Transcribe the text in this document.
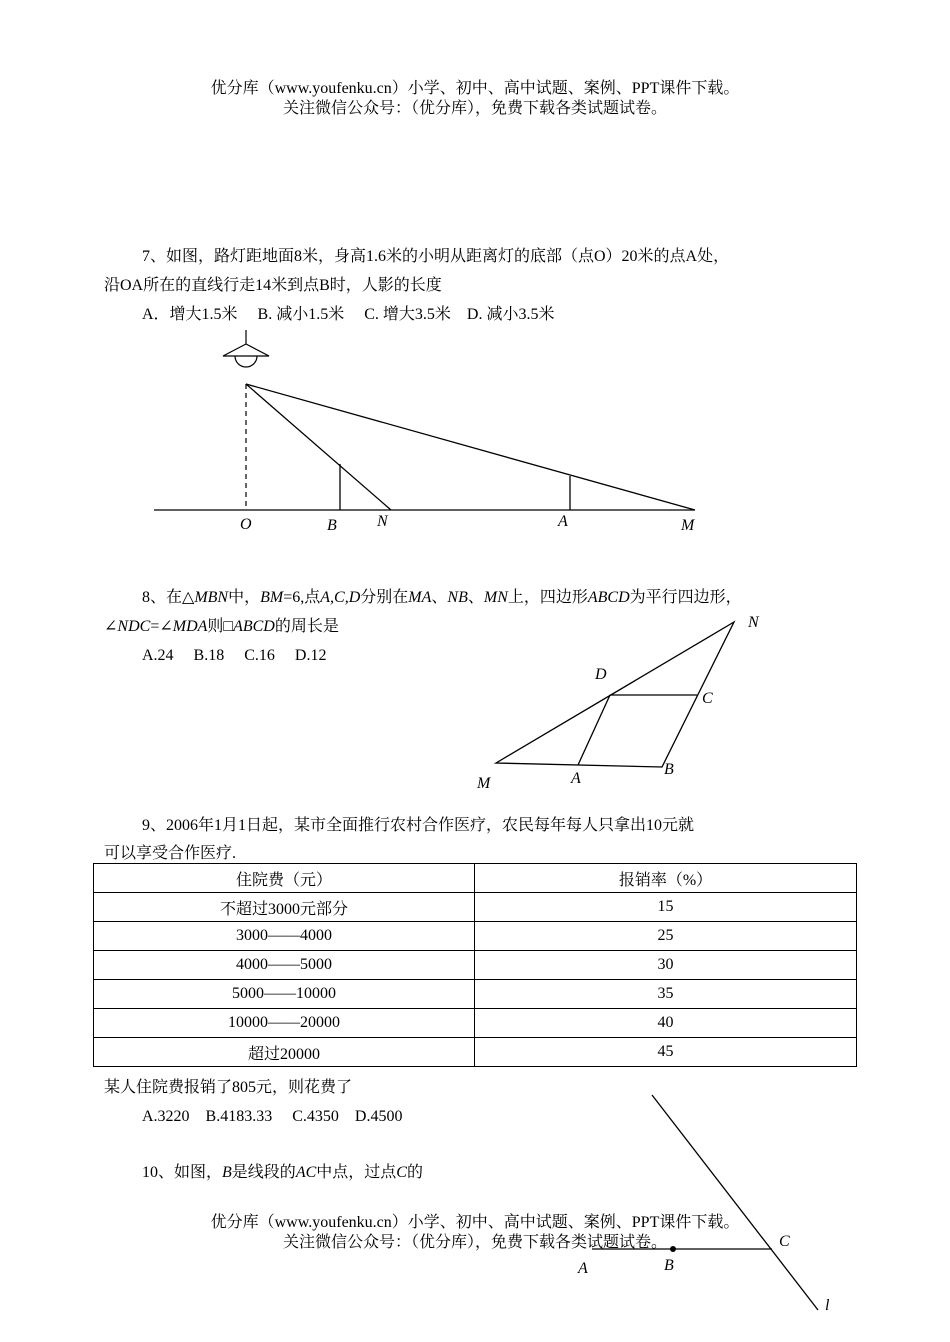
优分库（www.youfenku.cn）小学、初中、高中试题、案例、PPT课件下载。
关注微信公众号：（优分库），免费下载各类试题试卷。
7、如图，路灯距地面8米，身高1.6米的小明从距离灯的底部（点O）20米的点A处，
沿OA所在的直线行走14米到点B时，人影的长度
A．增大1.5米　 B. 减小1.5米　 C. 增大3.5米　D. 减小3.5米
O	B	N	A	M
N
D
C
M	A
B
C
A	B
l
8、在△MBN中，BM=6,点A,C,D分别在MA、NB、MN上，四边形ABCD为平行四边形，
∠NDC=∠MDA则□ABCD的周长是
A.24　 B.18　 C.16　 D.12
9、2006年1月1日起，某市全面推行农村合作医疗，农民每年每人只拿出10元就
可以享受合作医疗.
住院费（元）	报销率（%）
不超过3000元部分	15
3000——4000	25
4000——5000	30
5000——10000	35
10000——20000	40
超过20000	45
某人住院费报销了805元，则花费了
A.3220　B.4183.33　 C.4350　D.4500
10、如图，B是线段的AC中点，过点C的
优分库（www.youfenku.cn）小学、初中、高中试题、案例、PPT课件下载。
关注微信公众号：（优分库），免费下载各类试题试卷。
